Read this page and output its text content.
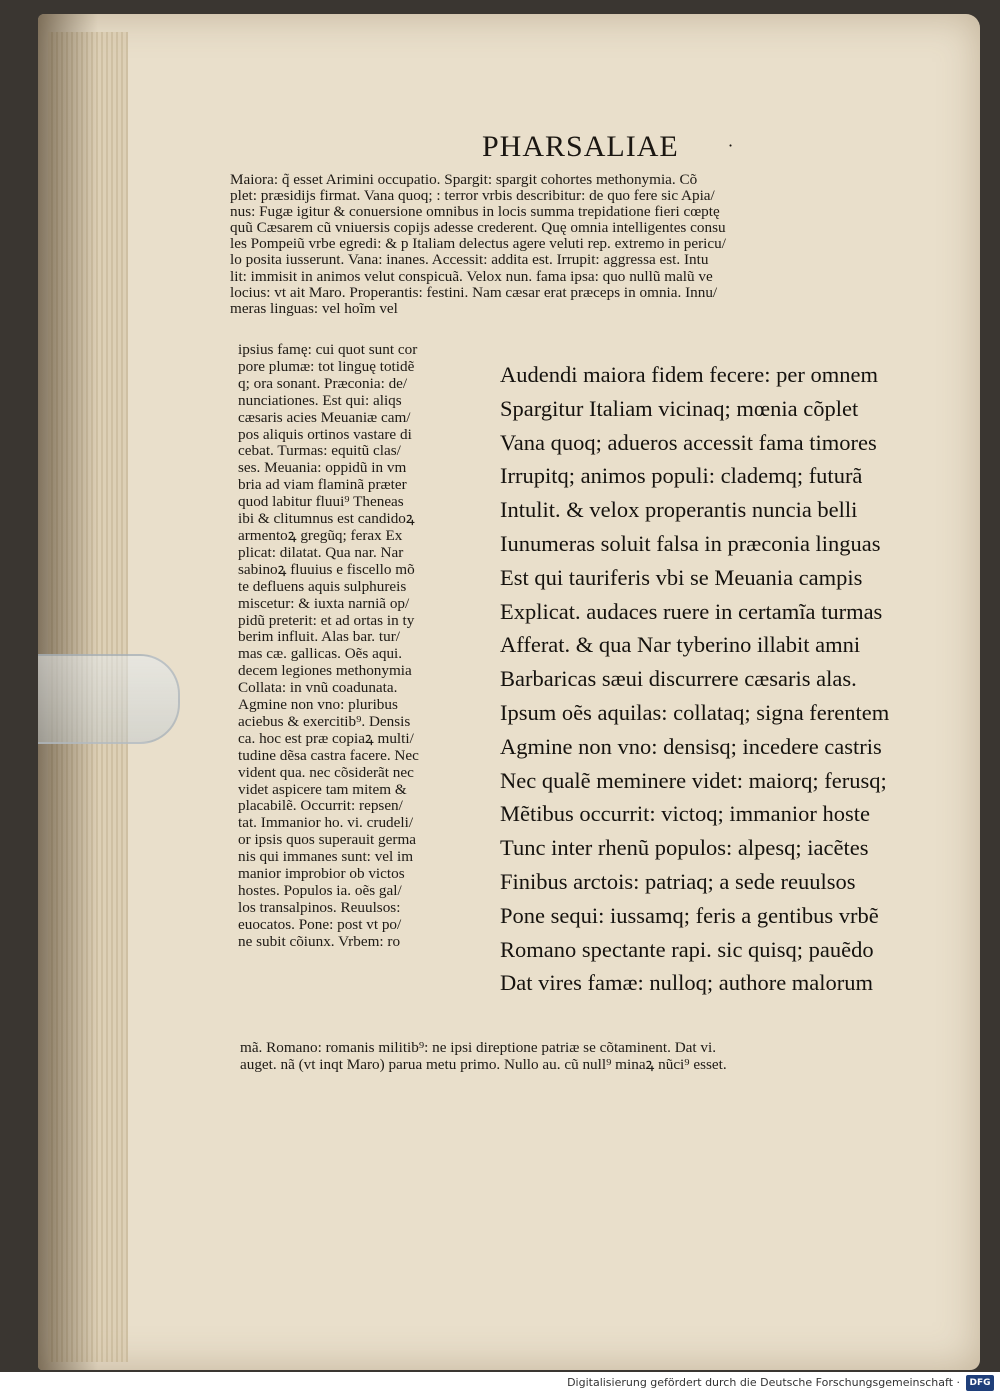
PHARSALIAE	·
Maiora: q̃ esset Arimini occupatio. Spargit: spargit cohortes methonymia. Cõ
plet: præsidijs firmat. Vana quoq; : terror vrbis describitur: de quo fere sic Apia/
nus: Fugæ igitur & conuersione omnibus in locis summa trepidatione fieri cœptę
quũ Cæsarem cũ vniuersis copijs adesse crederent. Quę omnia intelligentes consu
les Pompeiũ vrbe egredi: & p Italiam delectus agere veluti rep. extremo in pericu/
lo posita iusserunt. Vana: inanes. Accessit: addita est. Irrupit: aggressa est. Intu
lit: immisit in animos velut conspicuã. Velox nun. fama ipsa: quo nullũ malũ ve
locius: vt ait Maro. Properantis: festini. Nam cæsar erat præceps in omnia. Innu/
meras linguas: vel hoĩm vel
ipsius famę: cui quot sunt cor
pore plumæ: tot linguę totidẽ
q; ora sonant. Præconia: de/
nunciationes. Est qui: aliqs
cæsaris acies Meuaniæ cam/
pos aliquis ortinos vastare di
cebat. Turmas: equitũ clas/
ses. Meuania: oppidũ in vm
bria ad viam flaminã præter
quod labitur fluui⁹ Theneas
ibi & clitumnus est candidoꝝ
armentoꝝ gregũq; ferax Ex
plicat: dilatat. Qua nar. Nar
sabinoꝝ fluuius e fiscello mõ
te defluens aquis sulphureis
miscetur: & iuxta narniã op/
pidũ preterit: et ad ortas in ty
berim influit. Alas bar. tur/
mas cæ. gallicas. Oẽs aqui.
decem legiones methonymia
Collata: in vnũ coadunata.
Agmine non vno: pluribus
aciebus & exercitib⁹. Densis
ca. hoc est præ copiaꝝ multi/
tudine dẽsa castra facere. Nec
vident qua. nec cõsiderãt nec
videt aspicere tam mitem &
placabilẽ. Occurrit: repsen/
tat. Immanior ho. vi. crudeli/
or ipsis quos superauit germa
nis qui immanes sunt: vel im
manior improbior ob victos
hostes. Populos ia. oẽs gal/
los transalpinos. Reuulsos:
euocatos. Pone: post vt po/
ne subit cõiunx. Vrbem: ro
Audendi maiora fidem fecere: per omnem
Spargitur Italiam vicinaq; mœnia cõplet
Vana quoq; adueros accessit fama timores
Irrupitq; animos populi: clademq; futurã
Intulit. & velox properantis nuncia belli
Iunumeras soluit falsa in præconia linguas
Est qui tauriferis vbi se Meuania campis
Explicat. audaces ruere in certamĩa turmas
Afferat. & qua Nar tyberino illabit amni
Barbaricas sæui discurrere cæsaris alas.
Ipsum oẽs aquilas: collataq; signa ferentem
Agmine non vno: densisq; incedere castris
Nec qualẽ meminere videt: maiorq; ferusq;
Mẽtibus occurrit: victoq; immanior hoste
Tunc inter rhenũ populos: alpesq; iacẽtes
Finibus arctois: patriaq; a sede reuulsos
Pone sequi: iussamq; feris a gentibus vrbẽ
Romano spectante rapi. sic quisq; pauẽdo
Dat vires famæ: nulloq; authore malorum
mã. Romano: romanis militib⁹: ne ipsi direptione patriæ se cõtaminent. Dat vi.
auget. nã (vt inqt Maro) parua metu primo. Nullo au. cũ null⁹ minaꝝ nũci⁹ esset.
Digitalisierung gefördert durch die Deutsche Forschungsgemeinschaft ·	DFG
